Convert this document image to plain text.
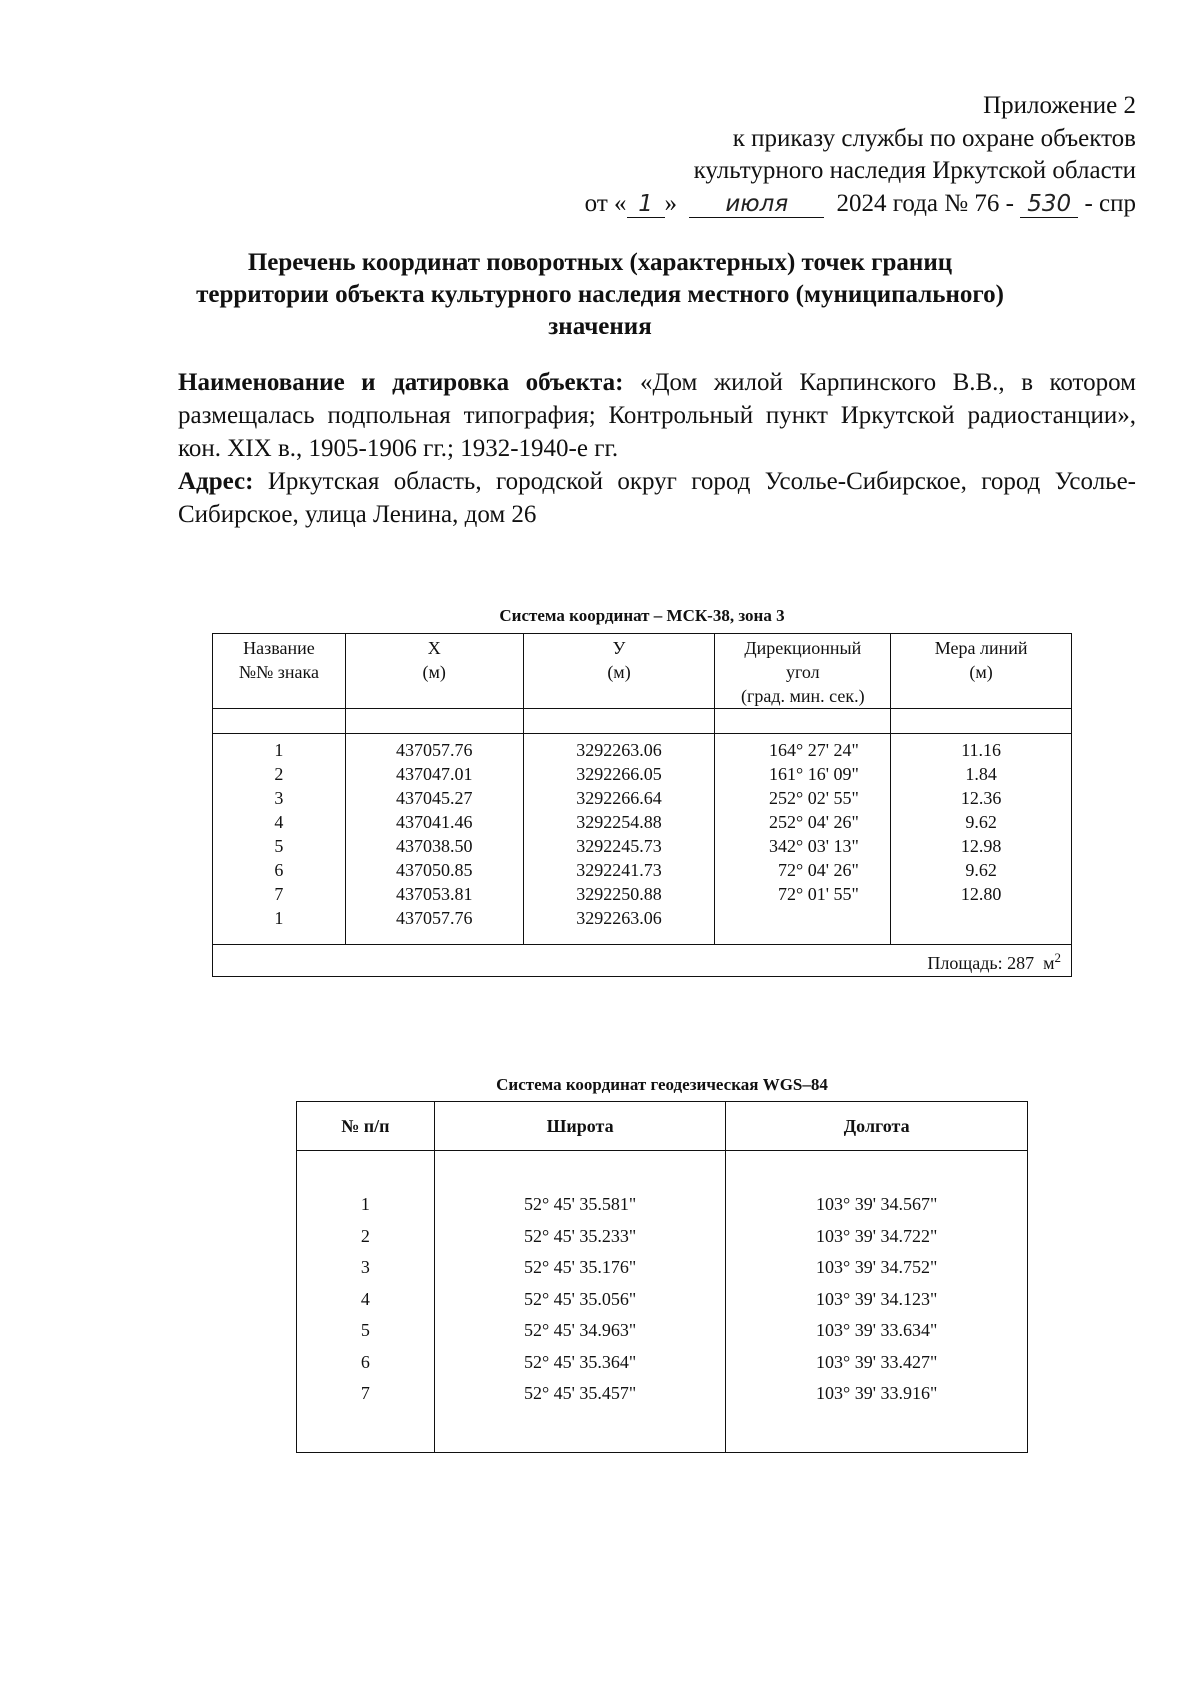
Приложение 2
к приказу службы по охране объектов
культурного наследия Иркутской области
от « 1 » июля 2024 года № 76 - 530 - спр
Перечень координат поворотных (характерных) точек границ
территории объекта культурного наследия местного (муниципального)
значения

Наименование и датировка объекта: «Дом жилой Карпинского В.В., в котором размещалась подпольная типография; Контрольный пункт Иркутской радиостанции», кон. XIX в., 1905-1906 гг.; 1932-1940-е гг.

Адрес: Иркутская область, городской округ город Усолье-Сибирское, город Усолье-Сибирское, улица Ленина, дом 26

Система координат – МСК-38, зона 3
Название
№№ знака	X
(м)	У
(м)	Дирекционный
угол
(град. мин. сек.)	Мера линий
(м)

1	437057.76	3292263.06	164° 27' 24"	11.16
2	437047.01	3292266.05	161° 16' 09"	1.84
3	437045.27	3292266.64	252° 02' 55"	12.36
4	437041.46	3292254.88	252° 04' 26"	9.62
5	437038.50	3292245.73	342° 03' 13"	12.98
6	437050.85	3292241.73	72° 04' 26"	9.62
7	437053.81	3292250.88	72° 01' 55"	12.80
1	437057.76	3292263.06		
Площадь: 287 $м^2$
Система координат геодезическая WGS–84
№ п/п	Широта	Долгота

1	52° 45' 35.581"	103° 39' 34.567"
2	52° 45' 35.233"	103° 39' 34.722"
3	52° 45' 35.176"	103° 39' 34.752"
4	52° 45' 35.056"	103° 39' 34.123"
5	52° 45' 34.963"	103° 39' 33.634"
6	52° 45' 35.364"	103° 39' 33.427"
7	52° 45' 35.457"	103° 39' 33.916"
